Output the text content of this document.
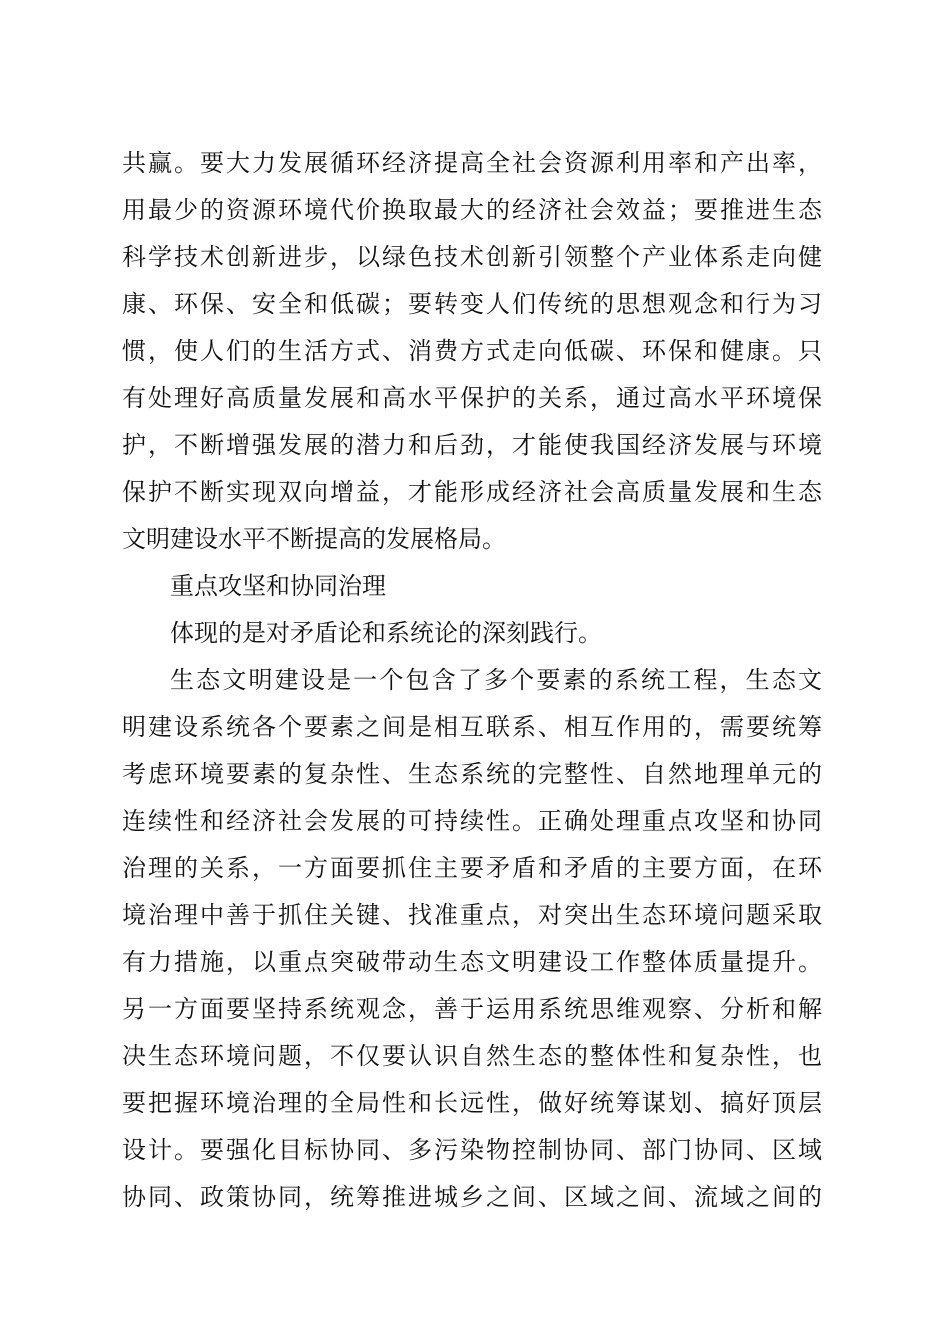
共赢。要大力发展循环经济提高全社会资源利用率和产出率，
用最少的资源环境代价换取最大的经济社会效益；要推进生态
科学技术创新进步，以绿色技术创新引领整个产业体系走向健
康、环保、安全和低碳；要转变人们传统的思想观念和行为习
惯，使人们的生活方式、消费方式走向低碳、环保和健康。只
有处理好高质量发展和高水平保护的关系，通过高水平环境保
护，不断增强发展的潜力和后劲，才能使我国经济发展与环境
保护不断实现双向增益，才能形成经济社会高质量发展和生态
文明建设水平不断提高的发展格局。
重点攻坚和协同治理
体现的是对矛盾论和系统论的深刻践行。
生态文明建设是一个包含了多个要素的系统工程，生态文
明建设系统各个要素之间是相互联系、相互作用的，需要统筹
考虑环境要素的复杂性、生态系统的完整性、自然地理单元的
连续性和经济社会发展的可持续性。正确处理重点攻坚和协同
治理的关系，一方面要抓住主要矛盾和矛盾的主要方面，在环
境治理中善于抓住关键、找准重点，对突出生态环境问题采取
有力措施，以重点突破带动生态文明建设工作整体质量提升。
另一方面要坚持系统观念，善于运用系统思维观察、分析和解
决生态环境问题，不仅要认识自然生态的整体性和复杂性，也
要把握环境治理的全局性和长远性，做好统筹谋划、搞好顶层
设计。要强化目标协同、多污染物控制协同、部门协同、区域
协同、政策协同，统筹推进城乡之间、区域之间、流域之间的
